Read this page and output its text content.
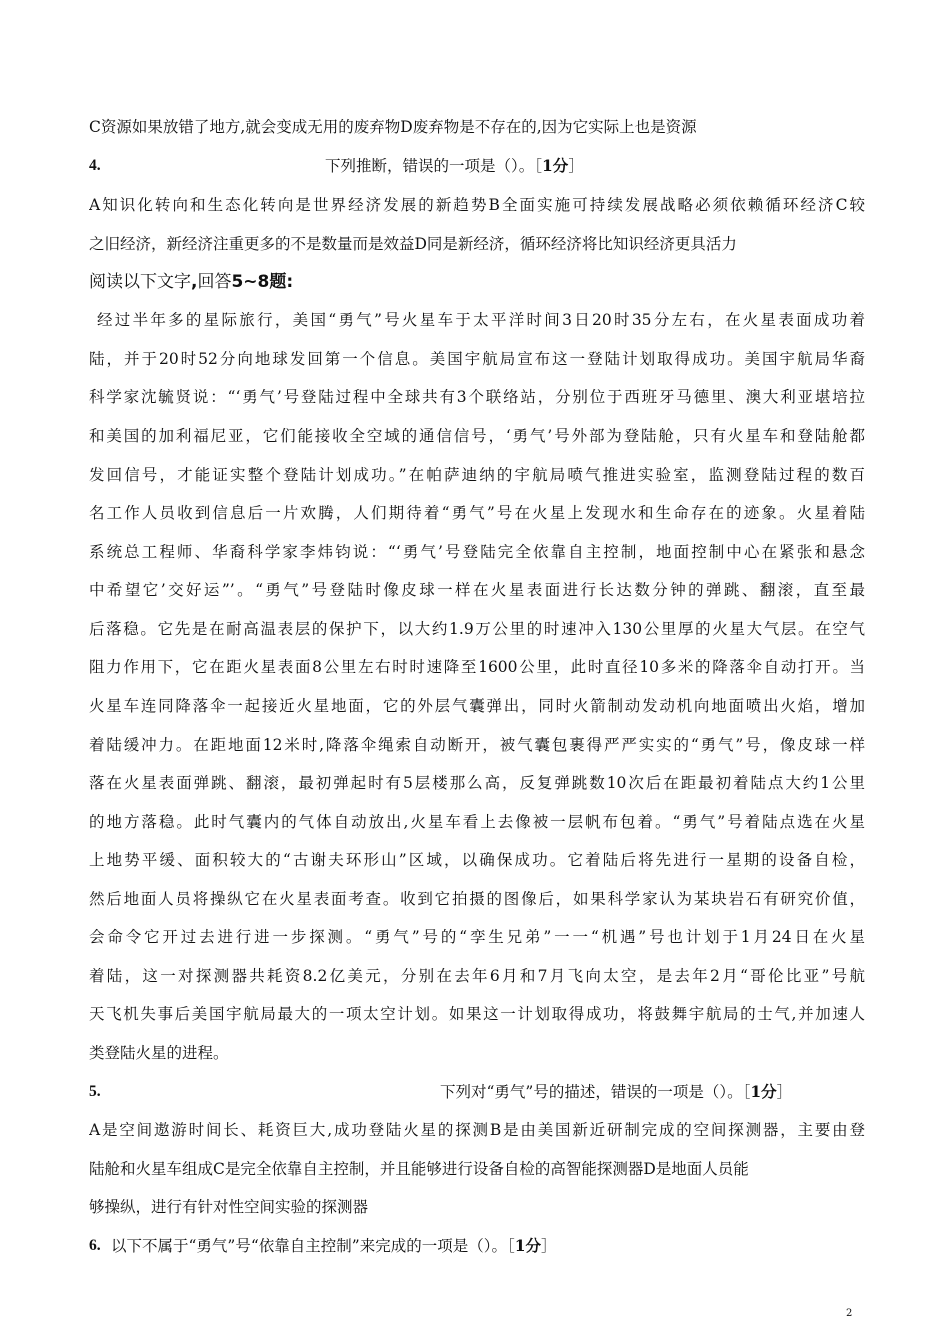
C资源如果放错了地方,就会变成无用的废弃物D废弃物是不存在的,因为它实际上也是资源
4.	下列推断，错误的一项是（）。［1分］
A知识化转向和生态化转向是世界经济发展的新趋势B全面实施可持续发展战略必须依赖循环经济C较
之旧经济，新经济注重更多的不是数量而是效益D同是新经济，循环经济将比知识经济更具活力
阅读以下文字,回答5~8题:
经过半年多的星际旅行，美国“勇气”号火星车于太平洋时间3日20时35分左右，在火星表面成功着
陆，并于20时52分向地球发回第一个信息。美国宇航局宣布这一登陆计划取得成功。美国宇航局华裔
科学家沈毓贤说：“‘勇气’号登陆过程中全球共有3个联络站，分别位于西班牙马德里、澳大利亚堪培拉
和美国的加利福尼亚，它们能接收全空域的通信信号，‘勇气’号外部为登陆舱，只有火星车和登陆舱都
发回信号，才能证实整个登陆计划成功。”在帕萨迪纳的宇航局喷气推进实验室，监测登陆过程的数百
名工作人员收到信息后一片欢腾，人们期待着“勇气”号在火星上发现水和生命存在的迹象。火星着陆
系统总工程师、华裔科学家李炜钧说：“‘勇气’号登陆完全依靠自主控制，地面控制中心在紧张和悬念
中希望它’交好运”’。“勇气”号登陆时像皮球一样在火星表面进行长达数分钟的弹跳、翻滚，直至最
后落稳。它先是在耐高温表层的保护下，以大约1.9万公里的时速冲入130公里厚的火星大气层。在空气
阻力作用下，它在距火星表面8公里左右时时速降至1600公里，此时直径10多米的降落伞自动打开。当
火星车连同降落伞一起接近火星地面，它的外层气囊弹出，同时火箭制动发动机向地面喷出火焰，增加
着陆缓冲力。在距地面12米时,降落伞绳索自动断开，被气囊包裹得严严实实的“勇气”号，像皮球一样
落在火星表面弹跳、翻滚，最初弹起时有5层楼那么高，反复弹跳数10次后在距最初着陆点大约1公里
的地方落稳。此时气囊内的气体自动放出,火星车看上去像被一层帆布包着。“勇气”号着陆点选在火星
上地势平缓、面积较大的“古谢夫环形山”区域，以确保成功。它着陆后将先进行一星期的设备自检，
然后地面人员将操纵它在火星表面考查。收到它拍摄的图像后，如果科学家认为某块岩石有研究价值，
会命令它开过去进行进一步探测。“勇气”号的“孪生兄弟”一一“机遇”号也计划于1月24日在火星
着陆，这一对探测器共耗资8.2亿美元，分别在去年6月和7月飞向太空，是去年2月“哥伦比亚”号航
天飞机失事后美国宇航局最大的一项太空计划。如果这一计划取得成功，将鼓舞宇航局的士气,并加速人
类登陆火星的进程。
5.	下列对“勇气”号的描述，错误的一项是（）。［1分］
A是空间遨游时间长、耗资巨大,成功登陆火星的探测B是由美国新近研制完成的空间探测器，主要由登
陆舱和火星车组成C是完全依靠自主控制，并且能够进行设备自检的高智能探测器D是地面人员能
够操纵，进行有针对性空间实验的探测器
6. 以下不属于“勇气”号“依靠自主控制”来完成的一项是（）。［1分］
2
